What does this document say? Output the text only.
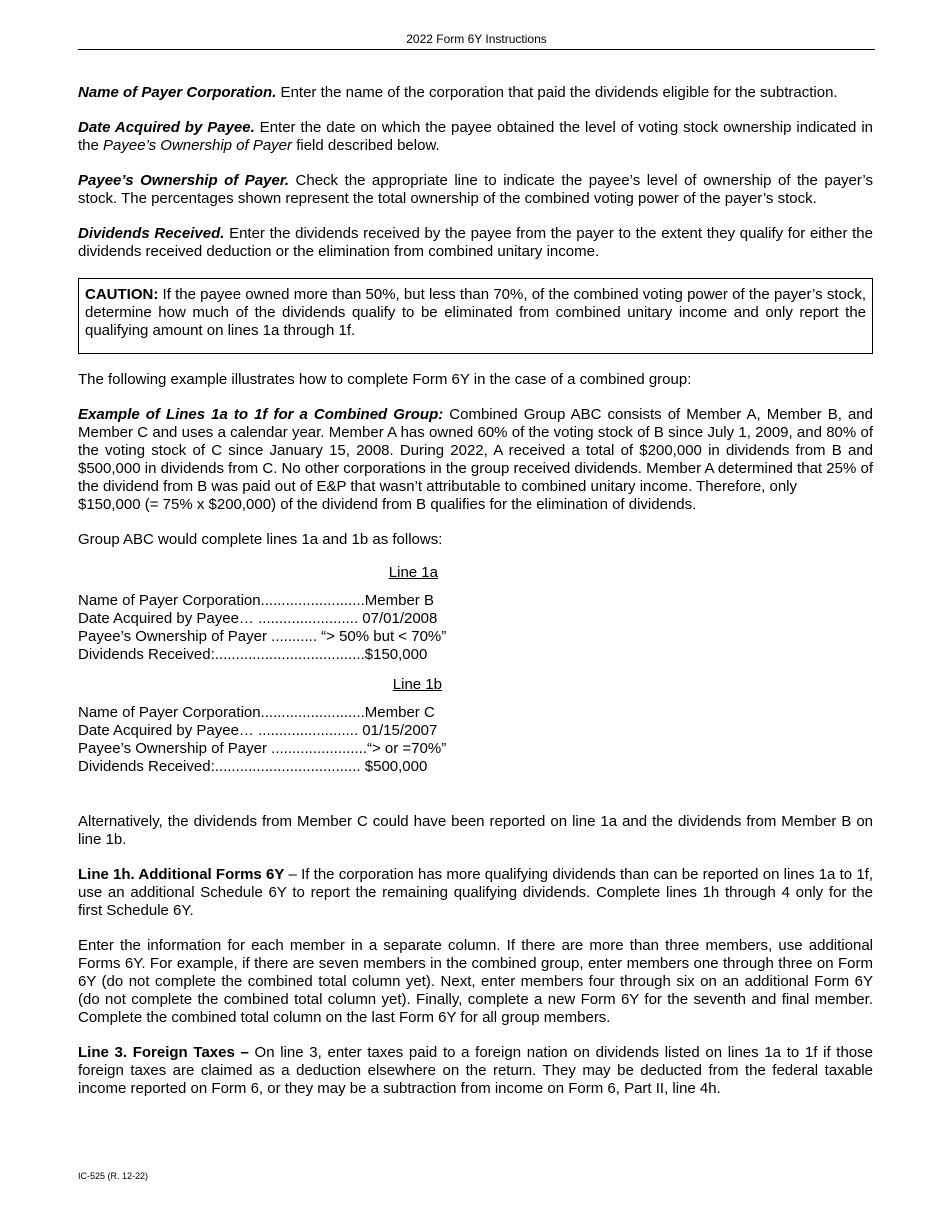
2022 Form 6Y Instructions

Name of Payer Corporation. Enter the name of the corporation that paid the dividends eligible for the subtraction.

Date Acquired by Payee. Enter the date on which the payee obtained the level of voting stock ownership indicated in the Payee’s Ownership of Payer field described below.

Payee’s Ownership of Payer. Check the appropriate line to indicate the payee’s level of ownership of the payer’s stock. The percentages shown represent the total ownership of the combined voting power of the payer’s stock.

Dividends Received. Enter the dividends received by the payee from the payer to the extent they qualify for either the dividends received deduction or the elimination from combined unitary income.

CAUTION: If the payee owned more than 50%, but less than 70%, of the combined voting power of the payer’s stock, determine how much of the dividends qualify to be eliminated from combined unitary income and only report the qualifying amount on lines 1a through 1f.

The following example illustrates how to complete Form 6Y in the case of a combined group:

Example of Lines 1a to 1f for a Combined Group: Combined Group ABC consists of Member A, Member B, and Member C and uses a calendar year. Member A has owned 60% of the voting stock of B since July 1, 2009, and 80% of the voting stock of C since January 15, 2008. During 2022, A received a total of $200,000 in dividends from B and $500,000 in dividends from C. No other corporations in the group received dividends. Member A determined that 25% of the dividend from B was paid out of E&P that wasn’t attributable to combined unitary income. Therefore, only

$150,000 (= 75% x $200,000) of the dividend from B qualifies for the elimination of dividends.

Group ABC would complete lines 1a and 1b as follows:

Line 1a
Name of Payer Corporation.........................Member B
Date Acquired by Payee… ........................ 07/01/2008
Payee’s Ownership of Payer ........... “> 50% but < 70%”
Dividends Received:....................................$150,000
Line 1b
Name of Payer Corporation.........................Member C
Date Acquired by Payee… ........................ 01/15/2007
Payee’s Ownership of Payer .......................“> or =70%”
Dividends Received:................................... $500,000

Alternatively, the dividends from Member C could have been reported on line 1a and the dividends from Member B on line 1b.

Line 1h. Additional Forms 6Y – If the corporation has more qualifying dividends than can be reported on lines 1a to 1f, use an additional Schedule 6Y to report the remaining qualifying dividends. Complete lines 1h through 4 only for the first Schedule 6Y.

Enter the information for each member in a separate column. If there are more than three members, use additional Forms 6Y. For example, if there are seven members in the combined group, enter members one through three on Form 6Y (do not complete the combined total column yet). Next, enter members four through six on an additional Form 6Y (do not complete the combined total column yet). Finally, complete a new Form 6Y for the seventh and final member. Complete the combined total column on the last Form 6Y for all group members.

Line 3. Foreign Taxes – On line 3, enter taxes paid to a foreign nation on dividends listed on lines 1a to 1f if those foreign taxes are claimed as a deduction elsewhere on the return. They may be deducted from the federal taxable income reported on Form 6, or they may be a subtraction from income on Form 6, Part II, line 4h.

IC-525 (R. 12-22)
